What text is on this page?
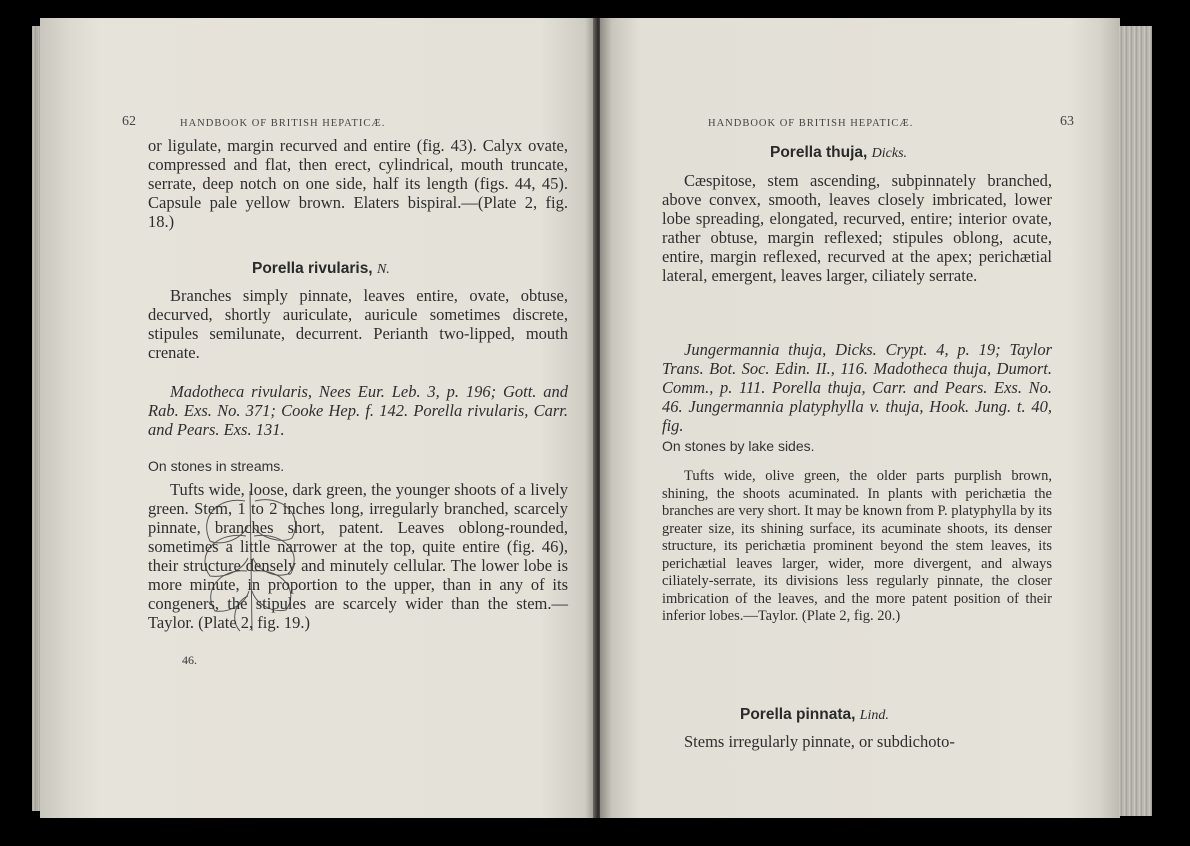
62	HANDBOOK OF BRITISH HEPATICÆ.

or ligulate, margin recurved and entire (fig. 43). Calyx ovate, compressed and flat, then erect, cylindrical, mouth truncate, serrate, deep notch on one side, half its length (figs. 44, 45). Capsule pale yellow brown. Elaters bispiral.—(Plate 2, fig. 18.)

Porella rivularis, N.

Branches simply pinnate, leaves entire, ovate, obtuse, decurved, shortly auriculate, auricule sometimes discrete, stipules semilunate, decurrent. Perianth two-lipped, mouth crenate.

Madotheca rivularis, Nees Eur. Leb. 3, p. 196; Gott. and Rab. Exs. No. 371; Cooke Hep. f. 142. Porella rivularis, Carr. and Pears. Exs. 131.

On stones in streams.
46.

Tufts wide, loose, dark green, the younger shoots of a lively green. Stem, 1 to 2 inches long, irregularly branched, scarcely pinnate, branches short, patent. Leaves oblong-rounded, sometimes a little narrower at the top, quite entire (fig. 46), their structure densely and minutely cellular. The lower lobe is more minute, in proportion to the upper, than in any of its congeners, the stipules are scarcely wider than the stem.—Taylor. (Plate 2, fig. 19.)

HANDBOOK OF BRITISH HEPATICÆ.	63
Porella thuja, Dicks.

Cæspitose, stem ascending, subpinnately branched, above convex, smooth, leaves closely imbricated, lower lobe spreading, elongated, recurved, entire; interior ovate, rather obtuse, margin reflexed; stipules oblong, acute, entire, margin reflexed, recurved at the apex; perichætial lateral, emergent, leaves larger, ciliately serrate.

Jungermannia thuja, Dicks. Crypt. 4, p. 19; Taylor Trans. Bot. Soc. Edin. II., 116. Madotheca thuja, Dumort. Comm., p. 111. Porella thuja, Carr. and Pears. Exs. No. 46. Jungermannia platyphylla v. thuja, Hook. Jung. t. 40, fig.

On stones by lake sides.

Tufts wide, olive green, the older parts purplish brown, shining, the shoots acuminated. In plants with perichætia the branches are very short. It may be known from P. platyphylla by its greater size, its shining surface, its acuminate shoots, its denser structure, its perichætia prominent beyond the stem leaves, its perichætial leaves larger, wider, more divergent, and always ciliately-serrate, its divisions less regularly pinnate, the closer imbrication of the leaves, and the more patent position of their inferior lobes.—Taylor. (Plate 2, fig. 20.)

Porella pinnata, Lind.

Stems irregularly pinnate, or subdichoto-
